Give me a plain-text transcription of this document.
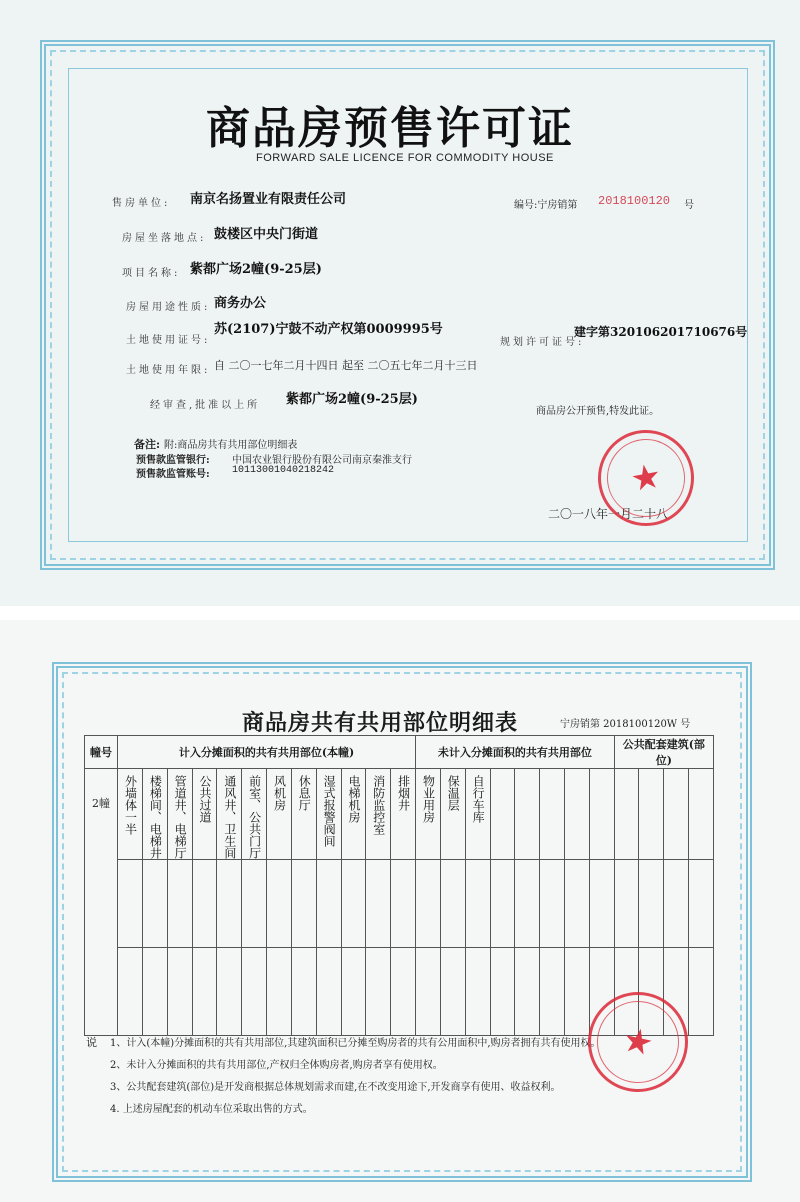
商品房预售许可证
FORWARD SALE LICENCE FOR COMMODITY HOUSE
售房单位: 南京名扬置业有限责任公司	编号:宁房销第 2018100120 号
房屋坐落地点: 鼓楼区中央门街道
项目名称: 紫都广场2幢(9-25层)
房屋用途性质: 商务办公
土地使用证号:
苏(2107)宁鼓不动产权第0009995号
规划许可证号:
建字第320106201710676号
土地使用年限: 自 二〇一七年二月十四日 起至 二〇五七年二月十三日
经审查,批准以上所 紫都广场2幢(9-25层)
商品房公开预售,特发此证。
备注: 附:商品房共有共用部位明细表
预售款监管银行: 中国农业银行股份有限公司南京秦淮支行
预售款监管账号: 10113001040218242
二〇一八年一月二十八
★
商品房共有共用部位明细表	宁房销第 2018100120W 号
幢号	计入分摊面积的共有共用部位(本幢)												未计入分摊面积的共有共用部位								公共配套建筑(部位)			

2幢	外墙体一半	楼梯间、电梯井	管道井、电梯厅	公共过道	通风井、卫生间	前室、公共门厅	风机房	休息厅	湿式报警阀间	电梯机房	消防监控室	排烟井	物业用房	保温层	自行车库									

说 1、计入(本幢)分摊面积的共有共用部位,其建筑面积已分摊至购房者的共有公用面积中,购房者拥有共有使用权。
2、未计入分摊面积的共有共用部位,产权归全体购房者,购房者享有使用权。
3、公共配套建筑(部位)是开发商根据总体规划需求而建,在不改变用途下,开发商享有使用、收益权利。
4. 上述房屋配套的机动车位采取出售的方式。
★
